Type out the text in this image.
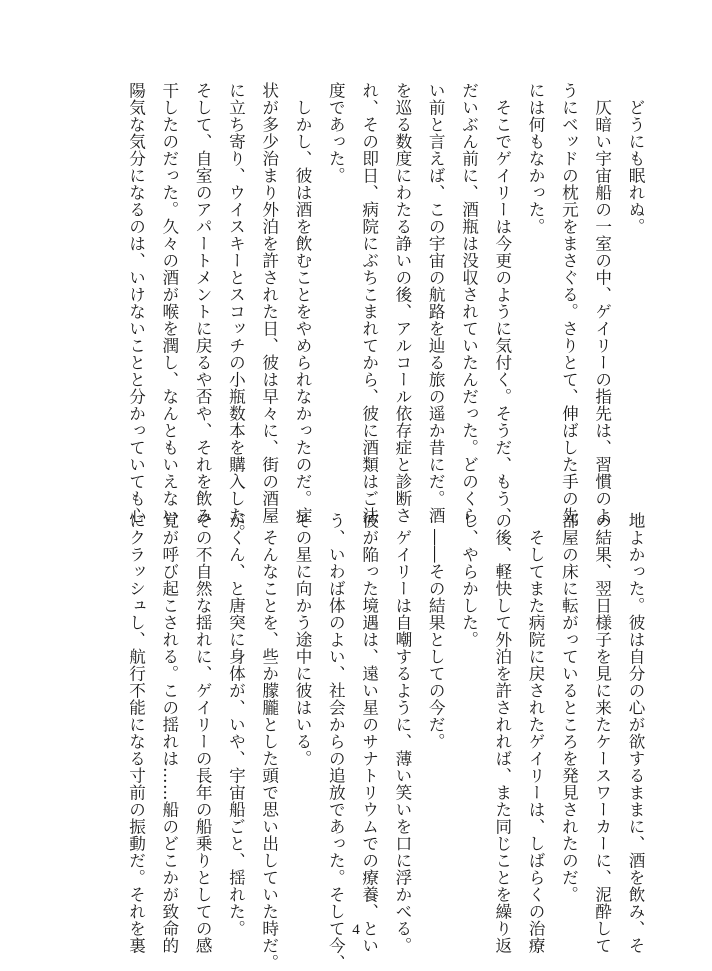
　どうにも眠れぬ。

　仄暗い宇宙船の一室の中、ゲイリーの指先は、習慣のよ

うにベッドの枕元をまさぐる。さりとて、伸ばした手の先

には何もなかった。

　そこでゲイリーは今更のように気付く。そうだ、もう、

だいぶん前に、酒瓶は没収されていたんだった。どのくら

い前と言えば、この宇宙の航路を辿る旅の遥か昔にだ。酒

を巡る数度にわたる諍いの後、アルコール依存症と診断さ

れ、その即日、病院にぶちこまれてから、彼に酒類はご法

度であった。

　しかし、彼は酒を飲むことをやめられなかったのだ。症

状が多少治まり外泊を許された日、彼は早々に、街の酒屋

に立ち寄り、ウイスキーとスコッチの小瓶数本を購入した。

そして、自室のアパートメントに戻るや否や、それを飲み

干したのだった。久々の酒が喉を潤し、なんともいえない

陽気な気分になるのは、いけないことと分かっていても心

地よかった。彼は自分の心が欲するままに、酒を飲み、そ

の結果、翌日様子を見に来たケースワーカーに、泥酔して

部屋の床に転がっているところを発見されたのだ。

　そしてまた病院に戻されたゲイリーは、しばらくの治療

の後、軽快して外泊を許されれば、また同じことを繰り返

し、やらかした。

　――その結果としての今だ。

　ゲイリーは自嘲するように、薄い笑いを口に浮かべる。

彼が陥った境遇は、遠い星のサナトリウムでの療養、とい

う、いわば体のよい、社会からの追放であった。そして今、

その星に向かう途中に彼はいる。

　そんなことを、些か朦朧とした頭で思い出していた時だ。

がくん、と唐突に身体が、いや、宇宙船ごと、揺れた。

その不自然な揺れに、ゲイリーの長年の船乗りとしての感

覚が呼び起こされる。この揺れは……船のどこかが致命的

にクラッシュし、航行不能になる寸前の振動だ。それを裏	4
